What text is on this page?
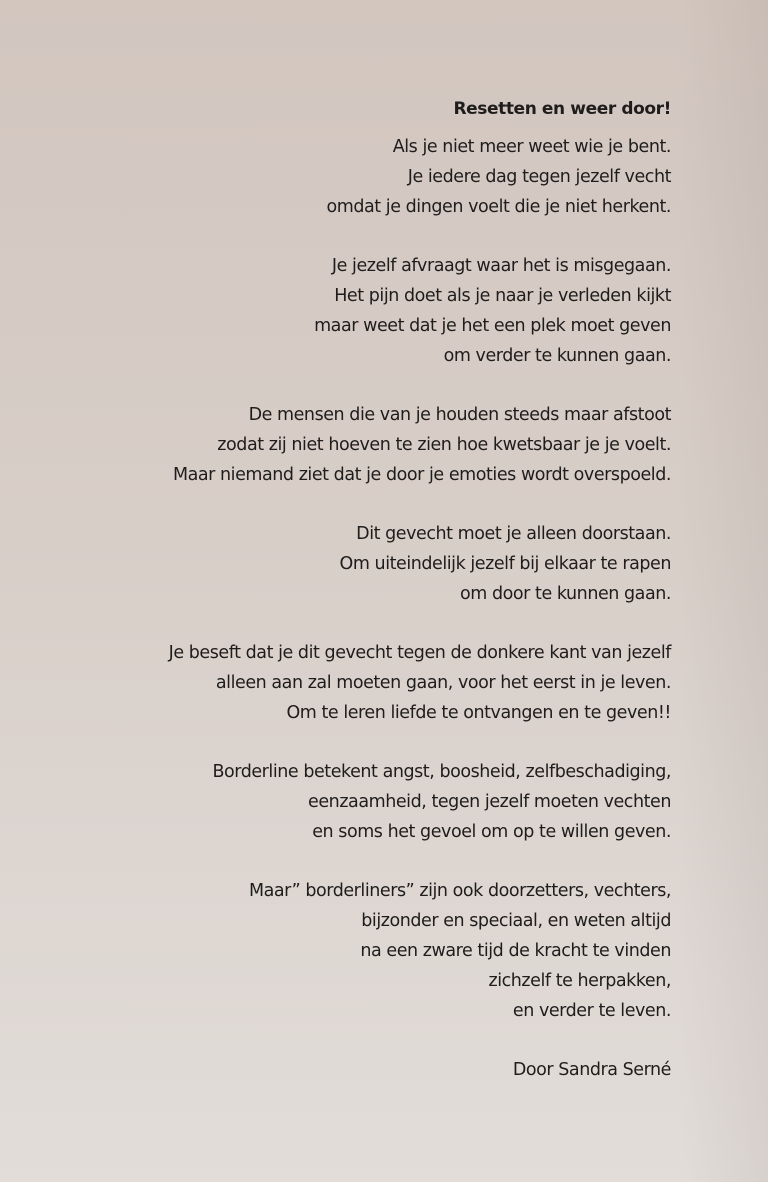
Resetten en weer door!
Als je niet meer weet wie je bent.
Je iedere dag tegen jezelf vecht
omdat je dingen voelt die je niet herkent.
Je jezelf afvraagt waar het is misgegaan.
Het pijn doet als je naar je verleden kijkt
maar weet dat je het een plek moet geven
om verder te kunnen gaan.
De mensen die van je houden steeds maar afstoot
zodat zij niet hoeven te zien hoe kwetsbaar je je voelt.
Maar niemand ziet dat je door je emoties wordt overspoeld.
Dit gevecht moet je alleen doorstaan.
Om uiteindelijk jezelf bij elkaar te rapen
om door te kunnen gaan.
Je beseft dat je dit gevecht tegen de donkere kant van jezelf
alleen aan zal moeten gaan, voor het eerst in je leven.
Om te leren liefde te ontvangen en te geven!!
Borderline betekent angst, boosheid, zelfbeschadiging,
eenzaamheid, tegen jezelf moeten vechten
en soms het gevoel om op te willen geven.
Maar” borderliners” zijn ook doorzetters, vechters,
bijzonder en speciaal, en weten altijd
na een zware tijd de kracht te vinden
zichzelf te herpakken,
en verder te leven.
Door Sandra Serné
